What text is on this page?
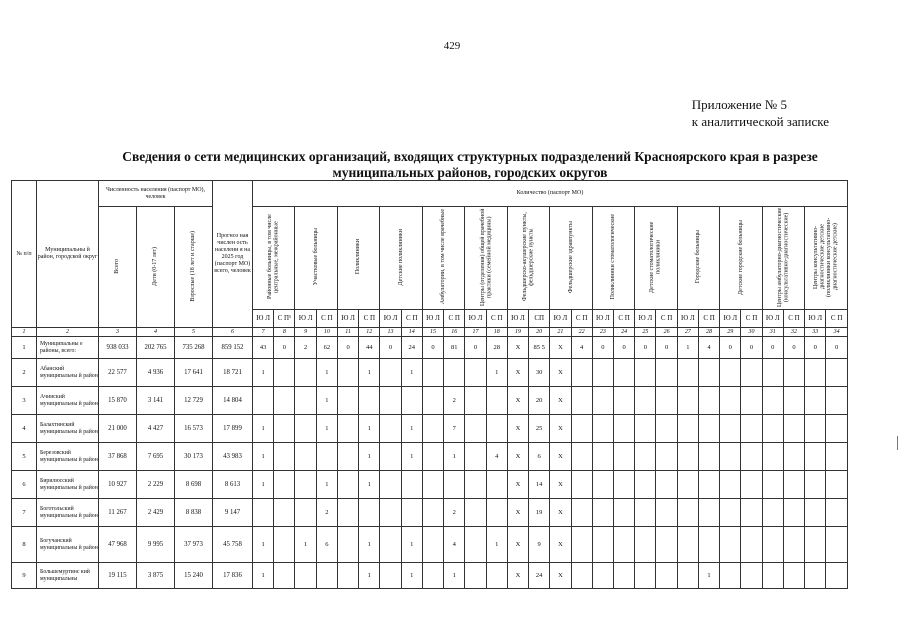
429
Приложение № 5
к аналитической записке
Сведения о сети медицинских организаций, входящих структурных подразделений Красноярского края в разрезе
муниципальных районов, городских округов
№ п/п	Муниципальны й район, городской округ	Численность населения (паспорт МО), человек			Прогноз ная числен ость населени я на 2025 год (паспорт МО) всего, человек	Количество (паспорт МО)																											
		Всего	Дети (0-17 лет)	Взрослые (18 лет и старше)		Районные больницы, в том числе центральные, межрайонные		Участковые больницы		Поликлиники		Детские поликлиники		Амбулатории, в том числе врачебные		Центры (отделения) общей врачебной практики (семейной медицины)		Фельдшерско-акушерские пункты, фельдшерские пункты		Фельдшерские здравпункты		Поликлиники стоматологические		Детские стоматологические поликлиники		Городские больницы		Детские городские больницы		Центры амбулаторно-диагностические (консультативно-диагностические)		Центры консультативно-диагностические детские (поликлиники консультативно-диагностические детские)	
						Ю Л	С П¹	Ю Л	С П	Ю Л	С П	Ю Л	С П	Ю Л	С П	Ю Л	С П	Ю Л	СП	Ю Л	С П	Ю Л	С П	Ю Л	С П	Ю Л	С П	Ю Л	С П	Ю Л	С П	Ю Л	С П
1	2	3	4	5	6	7	8	9	10	11	12	13	14	15	16	17	18	19	20	21	22	23	24	25	26	27	28	29	30	31	32	33	34
1	Муниципальны е районы, всего:	938 033	202 765	735 268	859 152	43	0	2	62	0	44	0	24	0	81	0	28	X	85 5	X	4	0	0	0	0	1	4	0	0	0	0	0	0
2	Абанский муниципальны й район	22 577	4 936	17 641	18 721	1			1		1		1				1	X	30	X													
3	Ачинский муниципальны й район	15 870	3 141	12 729	14 804				1						2			X	20	X													
4	Балахтинский муниципальны й район	21 000	4 427	16 573	17 899	1			1		1		1		7			X	25	X													
5	Березовский муниципальны й район	37 868	7 695	30 173	43 983	1					1		1		1		4	X	6	X													
6	Бирилюсский муниципальны й район	10 927	2 229	8 698	8 613	1			1		1							X	14	X													
7	Боготольский муниципальны й район	11 267	2 429	8 838	9 147				2						2			X	19	X													
8	Богучанский муниципальны й район	47 968	9 995	37 973	45 758	1		1	6		1		1		4		1	X	9	X													
9	Большемуртинс кий муниципальны	19 115	3 875	15 240	17 836	1					1		1		1			X	24	X							1						
